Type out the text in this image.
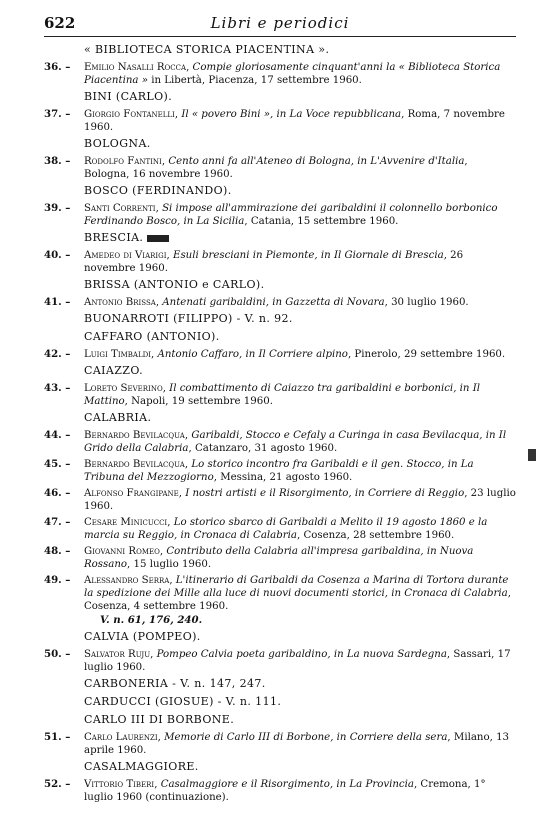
622	Libri e periodici
« BIBLIOTECA STORICA PIACENTINA ».
36. – Emilio Nasalli Rocca, Compie gloriosamente cinquant'anni la « Biblioteca Storica Piacentina » in Libertà, Piacenza, 17 settembre 1960.
BINI (CARLO).
37. – Giorgio Fontanelli, Il « povero Bini », in La Voce repubblicana, Roma, 7 novembre 1960.
BOLOGNA.
38. – Rodolfo Fantini, Cento anni fa all'Ateneo di Bologna, in L'Avvenire d'Italia, Bologna, 16 novembre 1960.
BOSCO (FERDINANDO).
39. – Santi Correnti, Si impose all'ammirazione dei garibaldini il colonnello borbonico Ferdinando Bosco, in La Sicilia, Catania, 15 settembre 1960.
BRESCIA.
40. – Amedeo di Viarigi, Esuli bresciani in Piemonte, in Il Giornale di Brescia, 26 novembre 1960.
BRISSA (ANTONIO e CARLO).
41. – Antonio Brissa, Antenati garibaldini, in Gazzetta di Novara, 30 luglio 1960.
BUONARROTI (FILIPPO) - V. n. 92.
CAFFARO (ANTONIO).
42. – Luigi Timbaldi, Antonio Caffaro, in Il Corriere alpino, Pinerolo, 29 settembre 1960.
CAIAZZO.
43. – Loreto Severino, Il combattimento di Caiazzo tra garibaldini e borbonici, in Il Mattino, Napoli, 19 settembre 1960.
CALABRIA.
44. – Bernardo Bevilacqua, Garibaldi, Stocco e Cefaly a Curinga in casa Bevilacqua, in Il Grido della Calabria, Catanzaro, 31 agosto 1960.
45. – Bernardo Bevilacqua, Lo storico incontro fra Garibaldi e il gen. Stocco, in La Tribuna del Mezzogiorno, Messina, 21 agosto 1960.
46. – Alfonso Frangipane, I nostri artisti e il Risorgimento, in Corriere di Reggio, 23 luglio 1960.
47. – Cesare Minicucci, Lo storico sbarco di Garibaldi a Melito il 19 agosto 1860 e la marcia su Reggio, in Cronaca di Calabria, Cosenza, 28 settembre 1960.
48. – Giovanni Romeo, Contributo della Calabria all'impresa garibaldina, in Nuova Rossano, 15 luglio 1960.
49. – Alessandro Serra, L'itinerario di Garibaldi da Cosenza a Marina di Tortora durante la spedizione dei Mille alla luce di nuovi documenti storici, in Cronaca di Calabria, Cosenza, 4 settembre 1960.
V. n. 61, 176, 240.
CALVIA (POMPEO).
50. – Salvator Ruju, Pompeo Calvia poeta garibaldino, in La nuova Sardegna, Sassari, 17 luglio 1960.
CARBONERIA - V. n. 147, 247.
CARDUCCI (GIOSUE) - V. n. 111.
CARLO III DI BORBONE.
51. – Carlo Laurenzi, Memorie di Carlo III di Borbone, in Corriere della sera, Milano, 13 aprile 1960.
CASALMAGGIORE.
52. – Vittorio Tiberi, Casalmaggiore e il Risorgimento, in La Provincia, Cremona, 1° luglio 1960 (continuazione).
